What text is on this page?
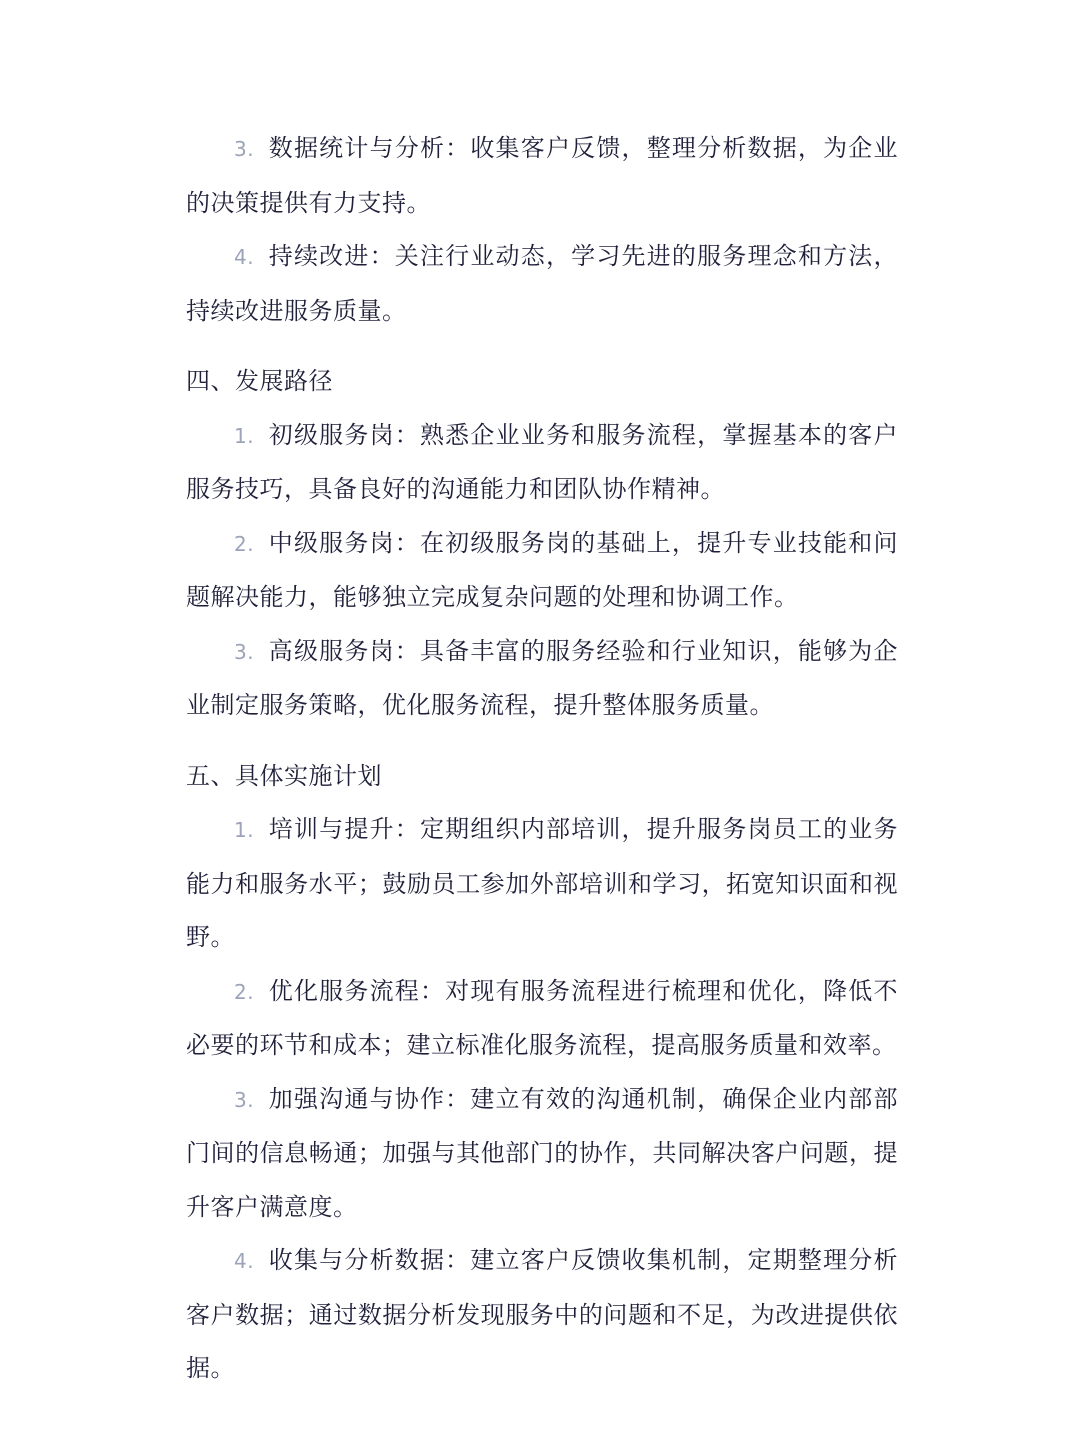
3. 数据统计与分析：收集客户反馈，整理分析数据，为企业的决策提供有力支持。

4. 持续改进：关注行业动态，学习先进的服务理念和方法，持续改进服务质量。

四、发展路径

1. 初级服务岗：熟悉企业业务和服务流程，掌握基本的客户服务技巧，具备良好的沟通能力和团队协作精神。

2. 中级服务岗：在初级服务岗的基础上，提升专业技能和问题解决能力，能够独立完成复杂问题的处理和协调工作。

3. 高级服务岗：具备丰富的服务经验和行业知识，能够为企业制定服务策略，优化服务流程，提升整体服务质量。

五、具体实施计划

1. 培训与提升：定期组织内部培训，提升服务岗员工的业务能力和服务水平；鼓励员工参加外部培训和学习，拓宽知识面和视野。

2. 优化服务流程：对现有服务流程进行梳理和优化，降低不必要的环节和成本；建立标准化服务流程，提高服务质量和效率。

3. 加强沟通与协作：建立有效的沟通机制，确保企业内部部门间的信息畅通；加强与其他部门的协作，共同解决客户问题，提升客户满意度。

4. 收集与分析数据：建立客户反馈收集机制，定期整理分析客户数据；通过数据分析发现服务中的问题和不足，为改进提供依据。
